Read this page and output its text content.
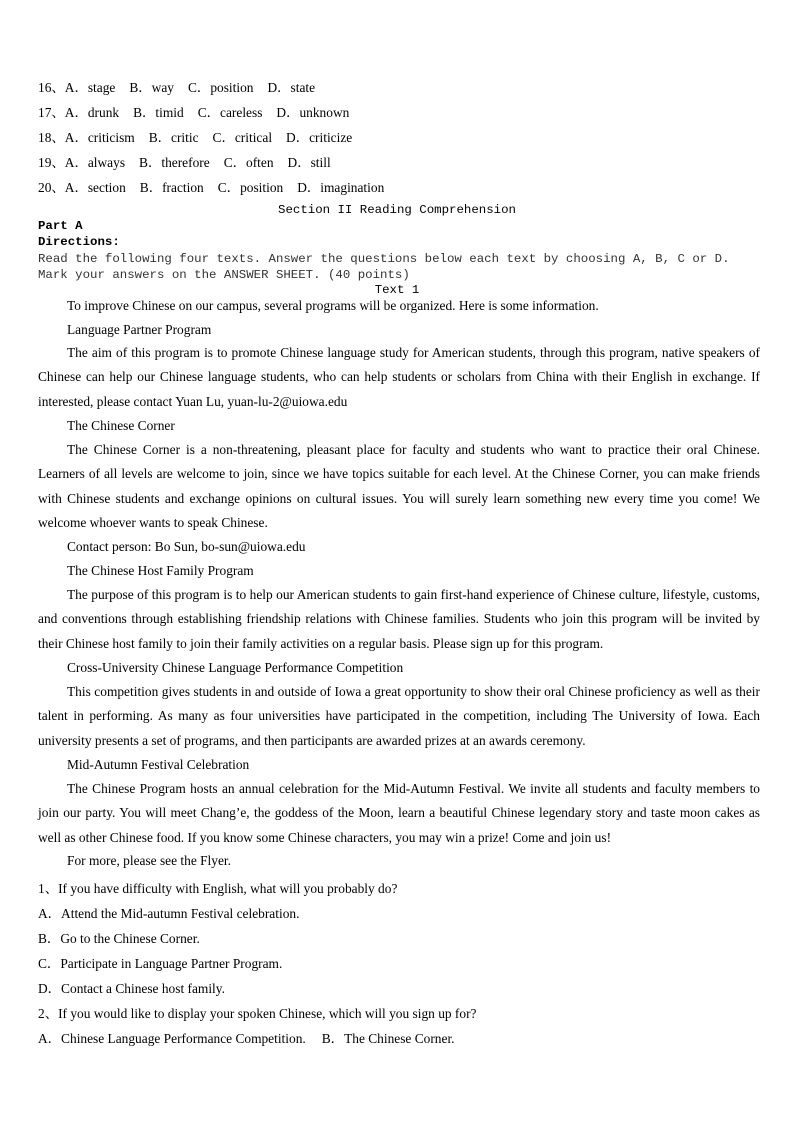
16、A．stage B．way C．position D．state
17、A．drunk B．timid C．careless D．unknown
18、A．criticism B．critic C．critical D．criticize
19、A．always B．therefore C．often D．still
20、A．section B．fraction C．position D．imagination
Section II Reading Comprehension
Part A
Directions:
Read the following four texts. Answer the questions below each text by choosing A, B, C or D. Mark your answers on the ANSWER SHEET. (40 points)
Text 1
To improve Chinese on our campus, several programs will be organized. Here is some information.
Language Partner Program
The aim of this program is to promote Chinese language study for American students, through this program, native speakers of Chinese can help our Chinese language students, who can help students or scholars from China with their English in exchange. If interested, please contact Yuan Lu, yuan-lu-2@uiowa.edu
The Chinese Corner
The Chinese Corner is a non-threatening, pleasant place for faculty and students who want to practice their oral Chinese. Learners of all levels are welcome to join, since we have topics suitable for each level. At the Chinese Corner, you can make friends with Chinese students and exchange opinions on cultural issues. You will surely learn something new every time you come! We welcome whoever wants to speak Chinese.
Contact person: Bo Sun, bo-sun@uiowa.edu
The Chinese Host Family Program
The purpose of this program is to help our American students to gain first-hand experience of Chinese culture, lifestyle, customs, and conventions through establishing friendship relations with Chinese families. Students who join this program will be invited by their Chinese host family to join their family activities on a regular basis. Please sign up for this program.
Cross-University Chinese Language Performance Competition
This competition gives students in and outside of Iowa a great opportunity to show their oral Chinese proficiency as well as their talent in performing. As many as four universities have participated in the competition, including The University of Iowa. Each university presents a set of programs, and then participants are awarded prizes at an awards ceremony.
Mid-Autumn Festival Celebration
The Chinese Program hosts an annual celebration for the Mid-Autumn Festival. We invite all students and faculty members to join our party. You will meet Chang’e, the goddess of the Moon, learn a beautiful Chinese legendary story and taste moon cakes as well as other Chinese food. If you know some Chinese characters, you may win a prize! Come and join us!
For more, please see the Flyer.
1、If you have difficulty with English, what will you probably do?
A．Attend the Mid-autumn Festival celebration.
B．Go to the Chinese Corner.
C．Participate in Language Partner Program.
D．Contact a Chinese host family.
2、If you would like to display your spoken Chinese, which will you sign up for?
A．Chinese Language Performance Competition. B．The Chinese Corner.
